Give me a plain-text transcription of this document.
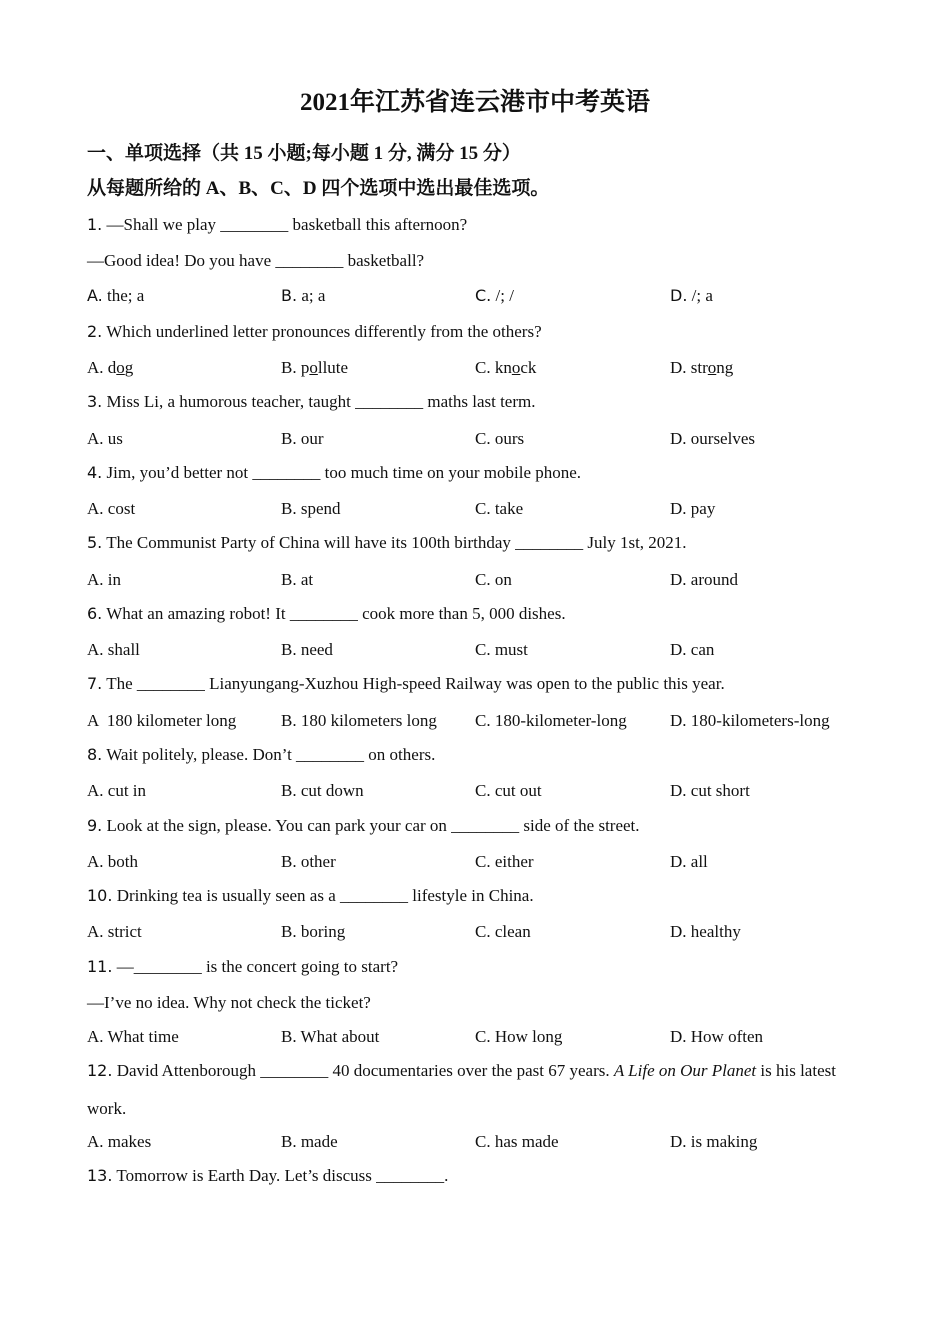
2021年江苏省连云港市中考英语
一、单项选择（共 15 小题;每小题 1 分, 满分 15 分）
从每题所给的 A、B、C、D 四个选项中选出最佳选项。
1. —Shall we play ________ basketball this afternoon?
—Good idea! Do you have ________ basketball?
A. the; a	B. a; a	C. /; /	D. /; a
2. Which underlined letter pronounces differently from the others?
A. dog	B. pollute	C. knock	D. strong
3. Miss Li, a humorous teacher, taught ________ maths last term.
A. us	B. our	C. ours	D. ourselves
4. Jim, you’d better not ________ too much time on your mobile phone.
A. cost	B. spend	C. take	D. pay
5. The Communist Party of China will have its 100th birthday ________ July 1st, 2021.
A. in	B. at	C. on	D. around
6. What an amazing robot! It ________ cook more than 5, 000 dishes.
A. shall	B. need	C. must	D. can
7. The ________ Lianyungang-Xuzhou High-speed Railway was open to the public this year.
A  180 kilometer long	B. 180 kilometers long C. 180-kilometer-long	D. 180-kilometers-long
8. Wait politely, please. Don’t ________ on others.
A. cut in	B. cut down	C. cut out	D. cut short
9. Look at the sign, please. You can park your car on ________ side of the street.
A. both	B. other	C. either	D. all
10. Drinking tea is usually seen as a ________ lifestyle in China.
A. strict	B. boring	C. clean	D. healthy
11. —________ is the concert going to start?
—I’ve no idea. Why not check the ticket?
A. What time	B. What about	C. How long	D. How often
12. David Attenborough ________ 40 documentaries over the past 67 years. A Life on Our Planet is his latest
work.
A. makes	B. made	C. has made	D. is making
13. Tomorrow is Earth Day. Let’s discuss ________.
